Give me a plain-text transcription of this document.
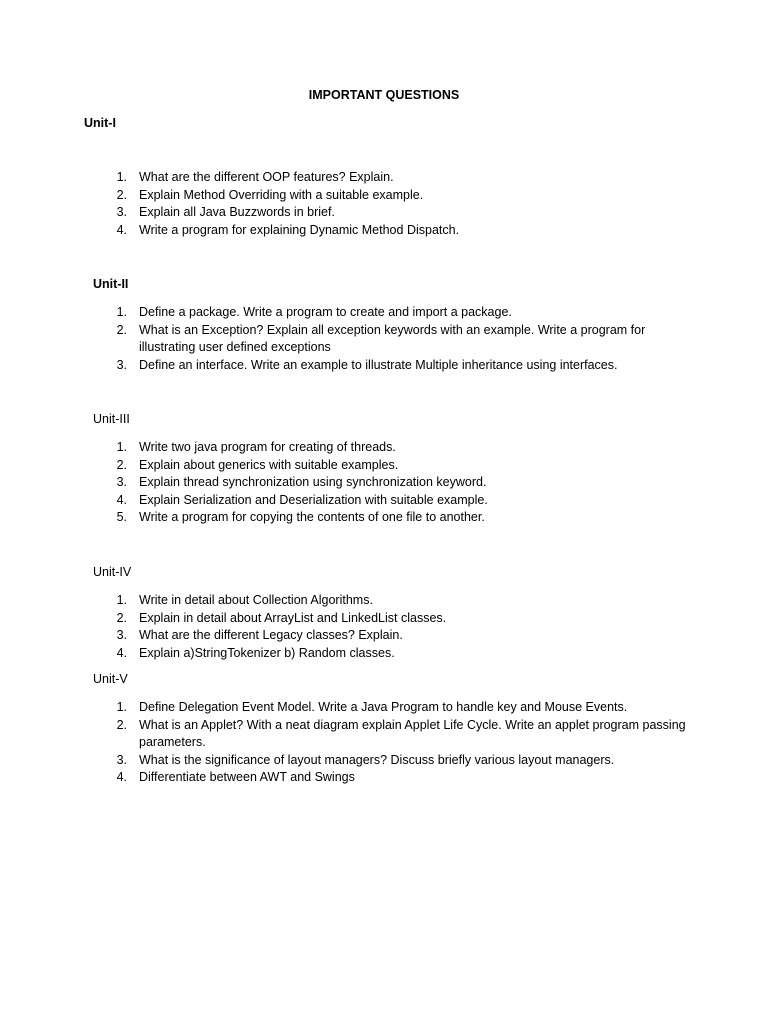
IMPORTANT QUESTIONS
Unit-I
1. What are the different OOP features? Explain.
2. Explain Method Overriding with a suitable example.
3. Explain all Java Buzzwords in brief.
4. Write a program for explaining Dynamic Method Dispatch.
Unit-II
1. Define a package. Write a program to create and import a package.
2. What is an Exception? Explain all exception keywords with an example. Write a program for illustrating user defined exceptions
3. Define an interface. Write an example to illustrate Multiple inheritance using interfaces.
Unit-III
1. Write two java program for creating of threads.
2. Explain about generics with suitable examples.
3. Explain thread synchronization using synchronization keyword.
4. Explain Serialization and Deserialization with suitable example.
5. Write a program for copying the contents of one file to another.
Unit-IV
1. Write in detail about Collection Algorithms.
2. Explain in detail about ArrayList and LinkedList classes.
3. What are the different Legacy classes? Explain.
4. Explain a)StringTokenizer b) Random classes.
Unit-V
1. Define Delegation Event Model. Write a Java Program to handle key and Mouse Events.
2. What is an Applet? With a neat diagram explain Applet Life Cycle. Write an applet program passing parameters.
3. What is the significance of layout managers? Discuss briefly various layout managers.
4. Differentiate between AWT and Swings
